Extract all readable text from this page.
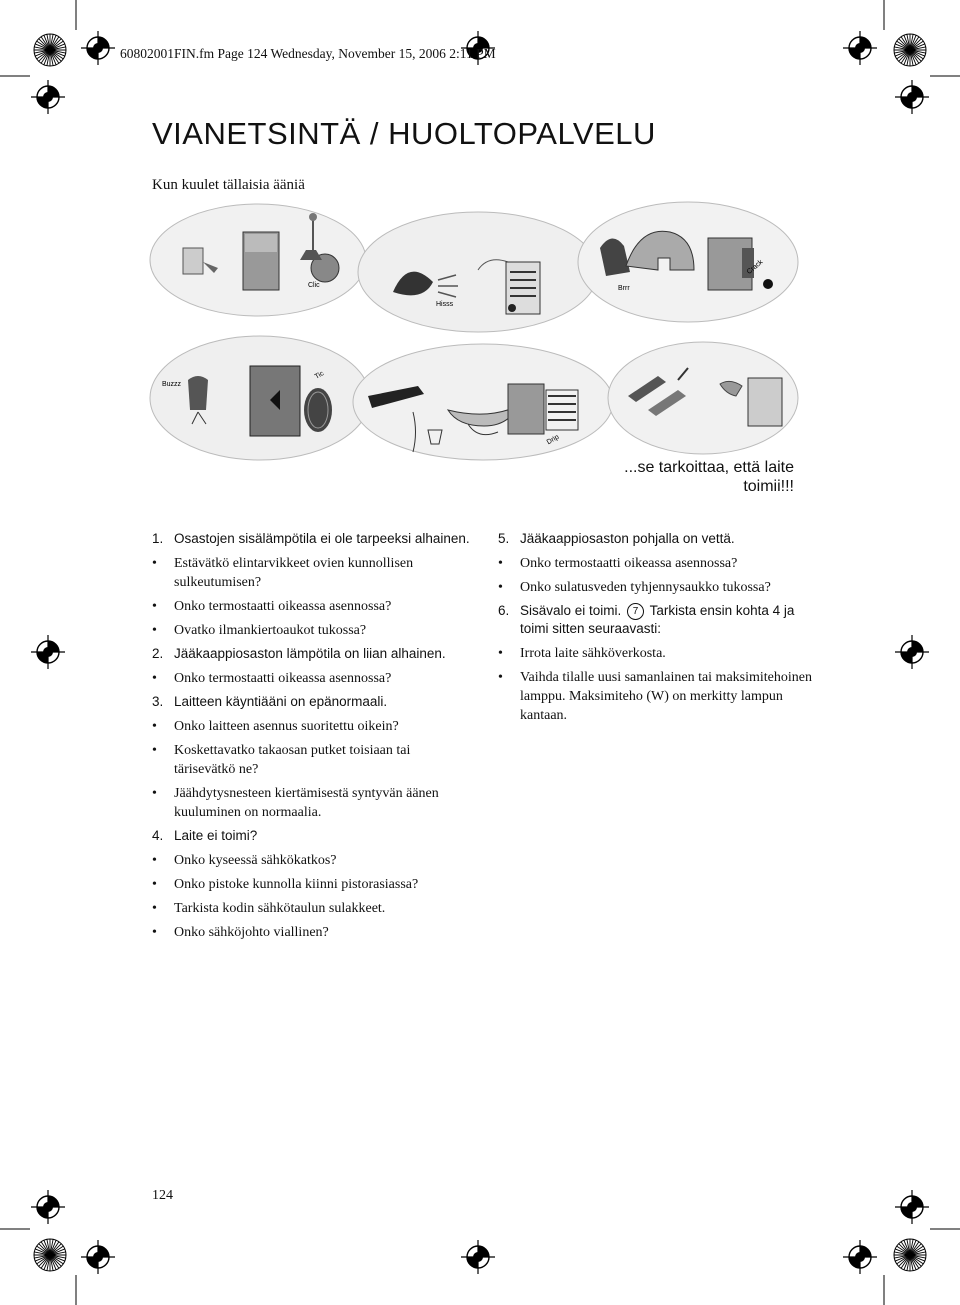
60802001FIN.fm Page 124 Wednesday, November 15, 2006 2:11 PM
VIANETSINTÄ / HUOLTOPALVELU
Kun kuulet tällaisia ääniä
Clic
Hisss
Brrr
Crack
Buzzz
Tic
Drip
...se tarkoittaa, että laite
toimii!!!
1. Osastojen sisälämpötila ei ole tarpeeksi alhainen.
• Estävätkö elintarvikkeet ovien kunnollisen sulkeutumisen?
• Onko termostaatti oikeassa asennossa?
• Ovatko ilmankiertoaukot tukossa?
2. Jääkaappiosaston lämpötila on liian alhainen.
• Onko termostaatti oikeassa asennossa?
3. Laitteen käyntiääni on epänormaali.
• Onko laitteen asennus suoritettu oikein?
• Koskettavatko takaosan putket toisiaan tai tärisevätkö ne?
• Jäähdytysnesteen kiertämisestä syntyvän äänen kuuluminen on normaalia.
4. Laite ei toimi?
• Onko kyseessä sähkökatkos?
• Onko pistoke kunnolla kiinni pistorasiassa?
• Tarkista kodin sähkötaulun sulakkeet.
• Onko sähköjohto viallinen?
5. Jääkaappiosaston pohjalla on vettä.
• Onko termostaatti oikeassa asennossa?
• Onko sulatusveden tyhjennysaukko tukossa?
6. Sisävalo ei toimi. 7 Tarkista ensin kohta 4 ja toimi sitten seuraavasti:
• Irrota laite sähköverkosta.
• Vaihda tilalle uusi samanlainen tai maksimitehoinen lamppu. Maksimiteho (W) on merkitty lampun kantaan.
124
